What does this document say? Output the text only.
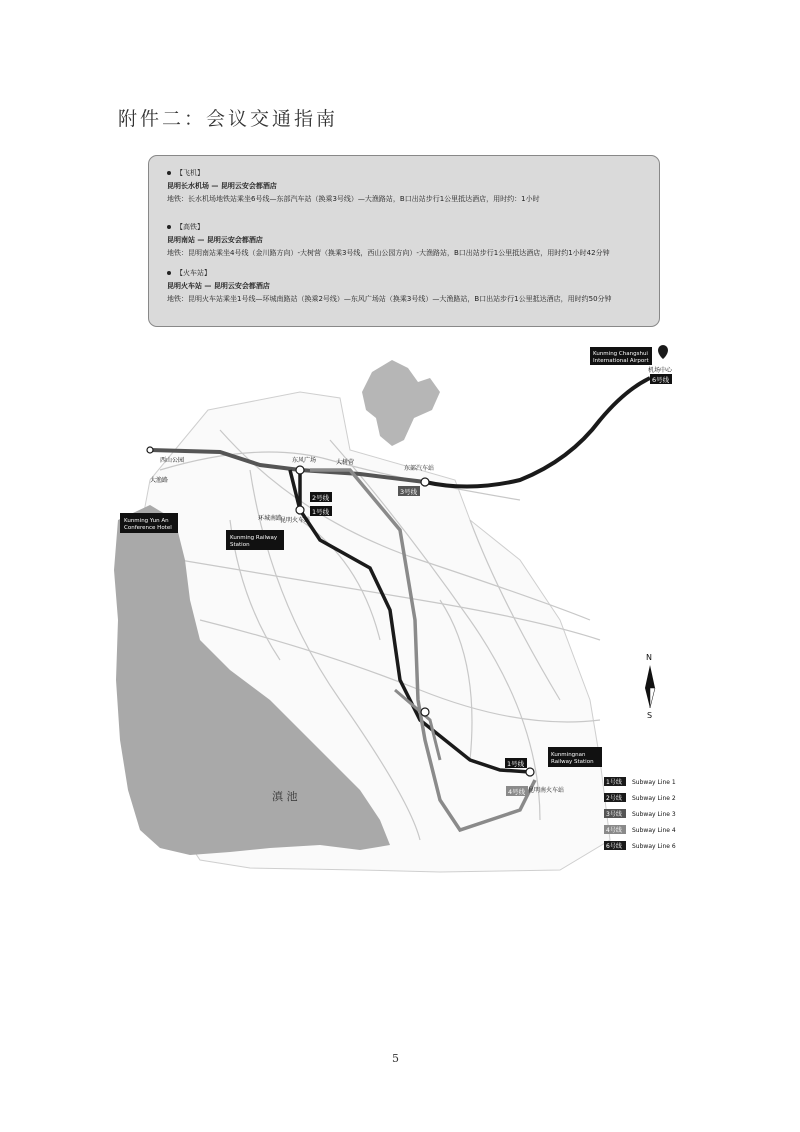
附件二：会议交通指南
【飞机】
昆明长水机场 — 昆明云安会都酒店
地铁：长水机场地铁站乘坐6号线—东部汽车站（换乘3号线）—大渔路站，B口出站步行1公里抵达酒店，用时约：1小时
【高铁】
昆明南站 — 昆明云安会都酒店
地铁：昆明南站乘坐4号线（金川路方向）-大树营（换乘3号线，西山公园方向）-大渔路站，B口出站步行1公里抵达酒店，用时约1小时42分钟
【火车站】
昆明火车站 — 昆明云安会都酒店
地铁：昆明火车站乘坐1号线—环城南路站（换乘2号线）—东风广场站（换乘3号线）—大渔路站，B口出站步行1公里抵达酒店，用时约50分钟
滇 池
机场中心
东部汽车站
东风广场
环城南路
昆明火车站
大树营
西山公园
大渔路
昆明南火车站
Kunming Changshui
International Airport
Kunming Yun An
Conference Hotel
Kunming Railway
Station
Kunmingnan
Railway Station
6号线
3号线
2号线
1号线
1号线
4号线
N
S
1号线 Subway Line 1
2号线 Subway Line 2
3号线 Subway Line 3
4号线 Subway Line 4
6号线 Subway Line 6
5
